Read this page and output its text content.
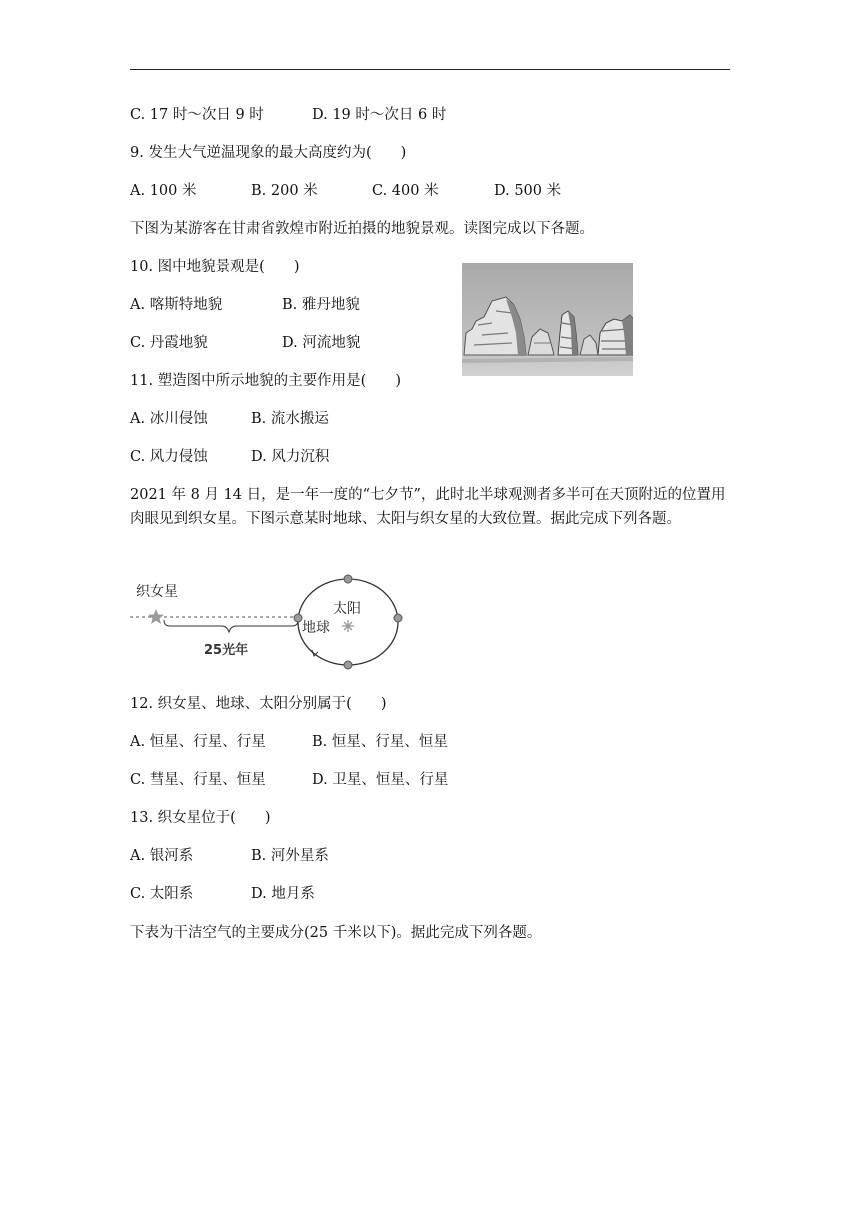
C. 17 时～次日 9 时	D. 19 时～次日 6 时
9. 发生大气逆温现象的最大高度约为(　　)
A. 100 米	B. 200 米	C. 400 米	D. 500 米
下图为某游客在甘肃省敦煌市附近拍摄的地貌景观。读图完成以下各题。
10. 图中地貌景观是(　　)
A. 喀斯特地貌	B. 雅丹地貌
C. 丹霞地貌	D. 河流地貌
11. 塑造图中所示地貌的主要作用是(　　)
A. 冰川侵蚀	B. 流水搬运
C. 风力侵蚀	D. 风力沉积
2021 年 8 月 14 日，是一年一度的“七夕节”，此时北半球观测者多半可在天顶附近的位置用肉眼见到织女星。下图示意某时地球、太阳与织女星的大致位置。据此完成下列各题。
织女星
25光年
太阳
地球
12. 织女星、地球、太阳分别属于(　　)
A. 恒星、行星、行星	B. 恒星、行星、恒星
C. 彗星、行星、恒星	D. 卫星、恒星、行星
13. 织女星位于(　　)
A. 银河系	B. 河外星系
C. 太阳系	D. 地月系
下表为干洁空气的主要成分(25 千米以下)。据此完成下列各题。
